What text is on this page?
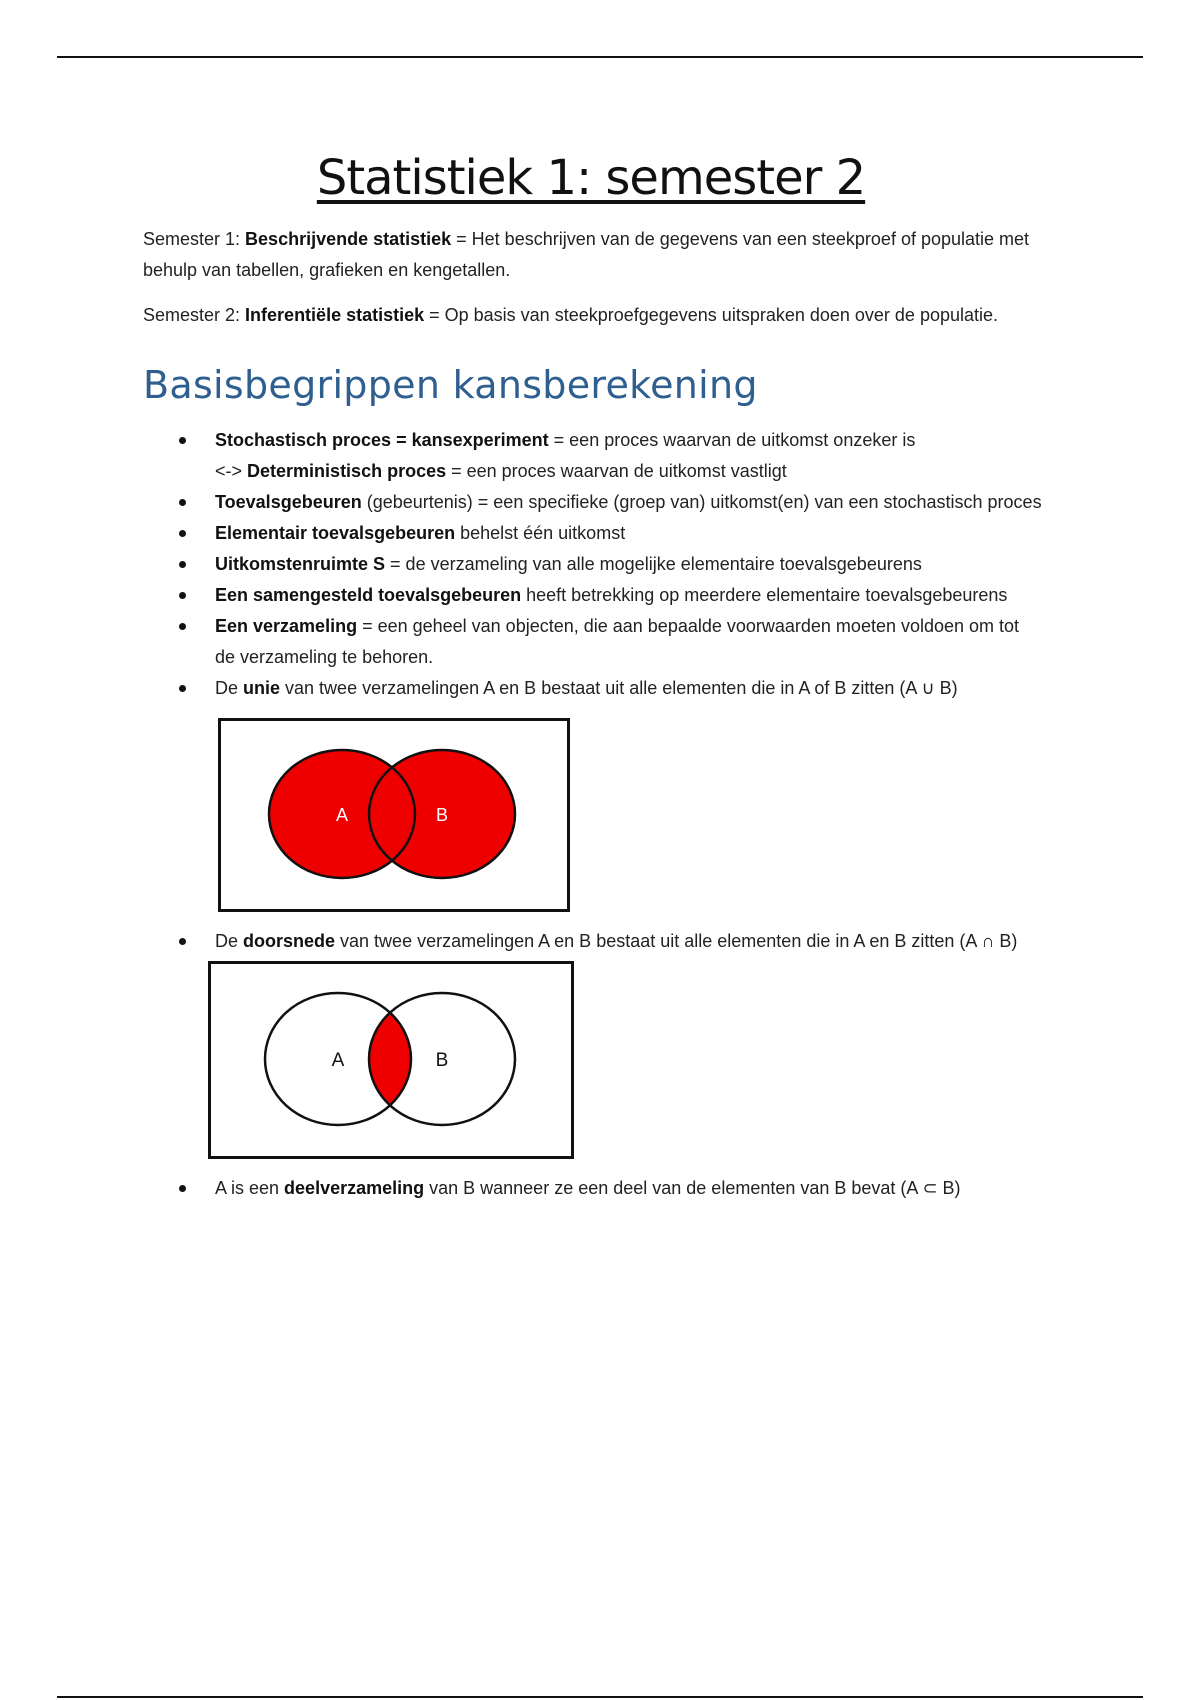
Statistiek 1: semester 2

Semester 1: Beschrijvende statistiek = Het beschrijven van de gegevens van een steekproef of populatie met behulp van tabellen, grafieken en kengetallen.

Semester 2: Inferentiële statistiek = Op basis van steekproefgegevens uitspraken doen over de populatie.

Basisbegrippen kansberekening
Stochastisch proces = kansexperiment = een proces waarvan de uitkomst onzeker is
<-> Deterministisch proces = een proces waarvan de uitkomst vastligt
Toevalsgebeuren (gebeurtenis) = een specifieke (groep van) uitkomst(en) van een stochastisch proces
Elementair toevalsgebeuren behelst één uitkomst
Uitkomstenruimte S = de verzameling van alle mogelijke elementaire toevalsgebeurens
Een samengesteld toevalsgebeuren heeft betrekking op meerdere elementaire toevalsgebeurens
Een verzameling = een geheel van objecten, die aan bepaalde voorwaarden moeten voldoen om tot de verzameling te behoren.
De unie van twee verzamelingen A en B bestaat uit alle elementen die in A of B zitten (A ∪ B)
A	B
De doorsnede van twee verzamelingen A en B bestaat uit alle elementen die in A en B zitten (A ∩ B)
A	B
A is een deelverzameling van B wanneer ze een deel van de elementen van B bevat (A ⊂ B)
